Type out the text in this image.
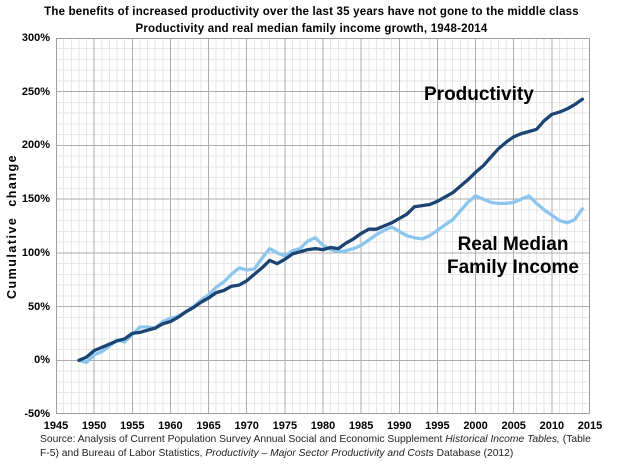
The benefits of increased productivity over the last 35 years have not gone to the middle class
Productivity and real median family income growth, 1948-2014
Cumulative change
300%
250%
200%
150%
100%
50%
0%
-50%
1945	1950	1955	1960	1965	1970	1975	1980	1985	1990	1995	2000	2005	2010	2015
Productivity
Real Median
Family Income
Source: Analysis of Current Population Survey Annual Social and Economic Supplement Historical Income Tables, (Table F-5) and Bureau of Labor Statistics, Productivity – Major Sector Productivity and Costs Database (2012)
